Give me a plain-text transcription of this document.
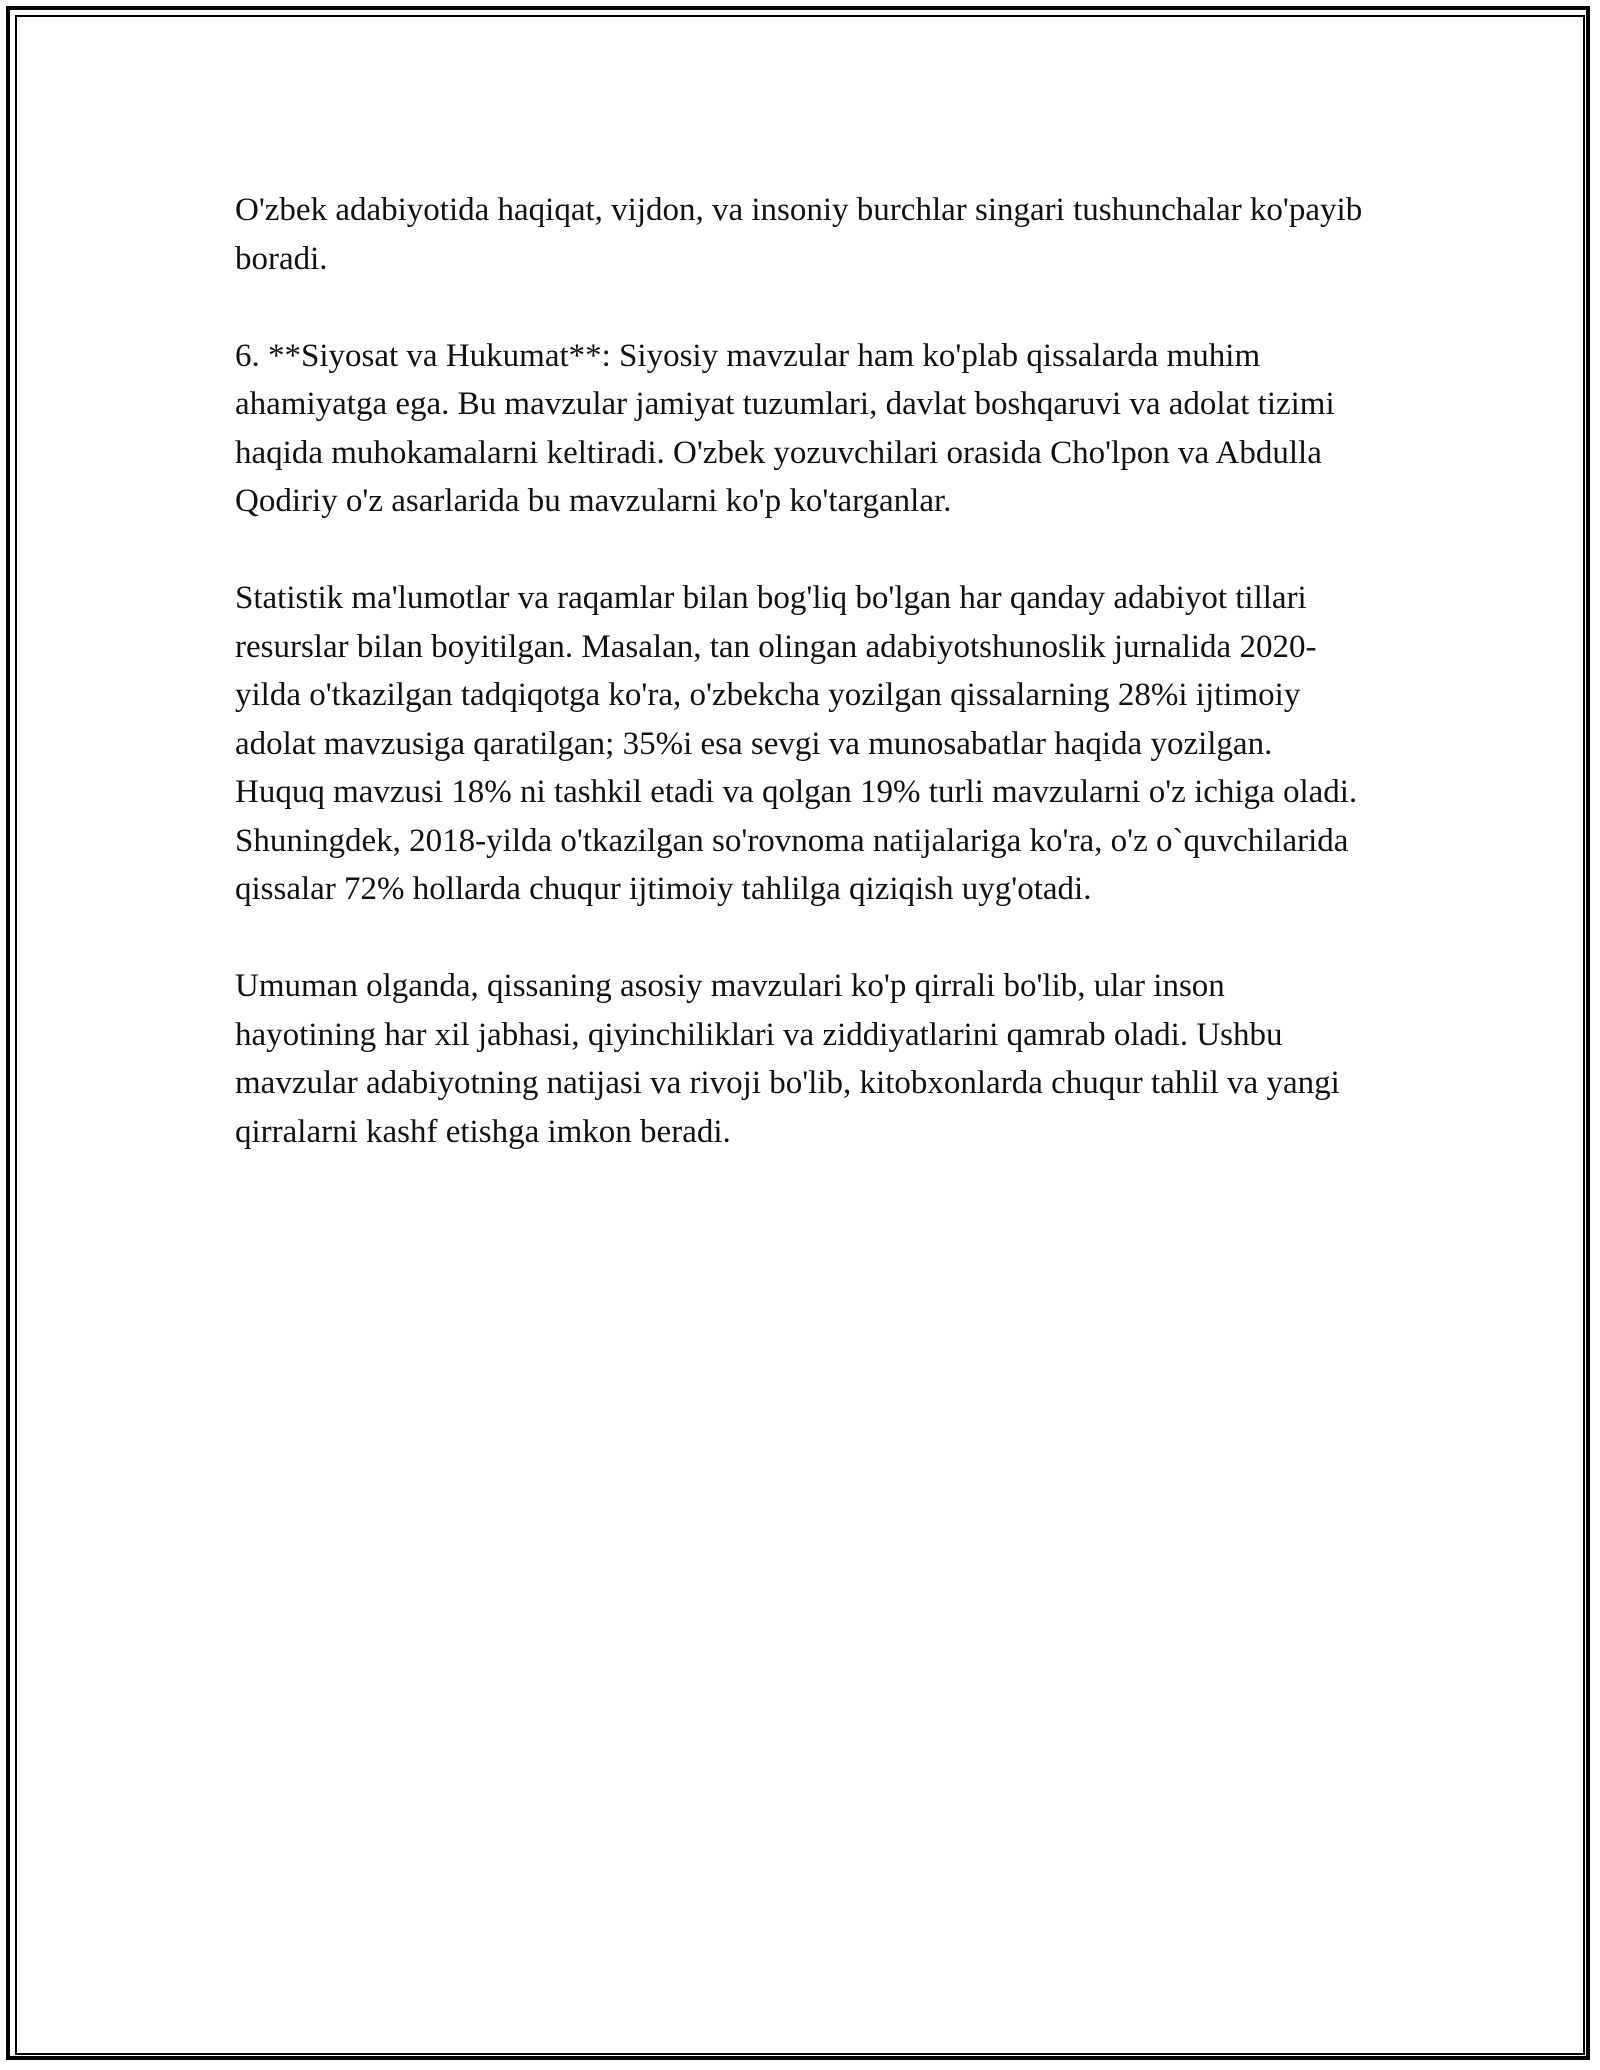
O'zbek adabiyotida haqiqat, vijdon, va insoniy burchlar singari tushunchalar ko'payib boradi.

6. **Siyosat va Hukumat**: Siyosiy mavzular ham ko'plab qissalarda muhim ahamiyatga ega. Bu mavzular jamiyat tuzumlari, davlat boshqaruvi va adolat tizimi haqida muhokamalarni keltiradi. O'zbek yozuvchilari orasida Cho'lpon va Abdulla Qodiriy o'z asarlarida bu mavzularni ko'p ko'targanlar.

Statistik ma'lumotlar va raqamlar bilan bog'liq bo'lgan har qanday adabiyot tillari resurslar bilan boyitilgan. Masalan, tan olingan adabiyotshunoslik jurnalida 2020-yilda o'tkazilgan tadqiqotga ko'ra, o'zbekcha yozilgan qissalarning 28%i ijtimoiy adolat mavzusiga qaratilgan; 35%i esa sevgi va munosabatlar haqida yozilgan. Huquq mavzusi 18% ni tashkil etadi va qolgan 19% turli mavzularni o'z ichiga oladi. Shuningdek, 2018-yilda o'tkazilgan so'rovnoma natijalariga ko'ra, o'z o`quvchilarida qissalar 72% hollarda chuqur ijtimoiy tahlilga qiziqish uyg'otadi.

Umuman olganda, qissaning asosiy mavzulari ko'p qirrali bo'lib, ular inson hayotining har xil jabhasi, qiyinchiliklari va ziddiyatlarini qamrab oladi. Ushbu mavzular adabiyotning natijasi va rivoji bo'lib, kitobxonlarda chuqur tahlil va yangi qirralarni kashf etishga imkon beradi.
